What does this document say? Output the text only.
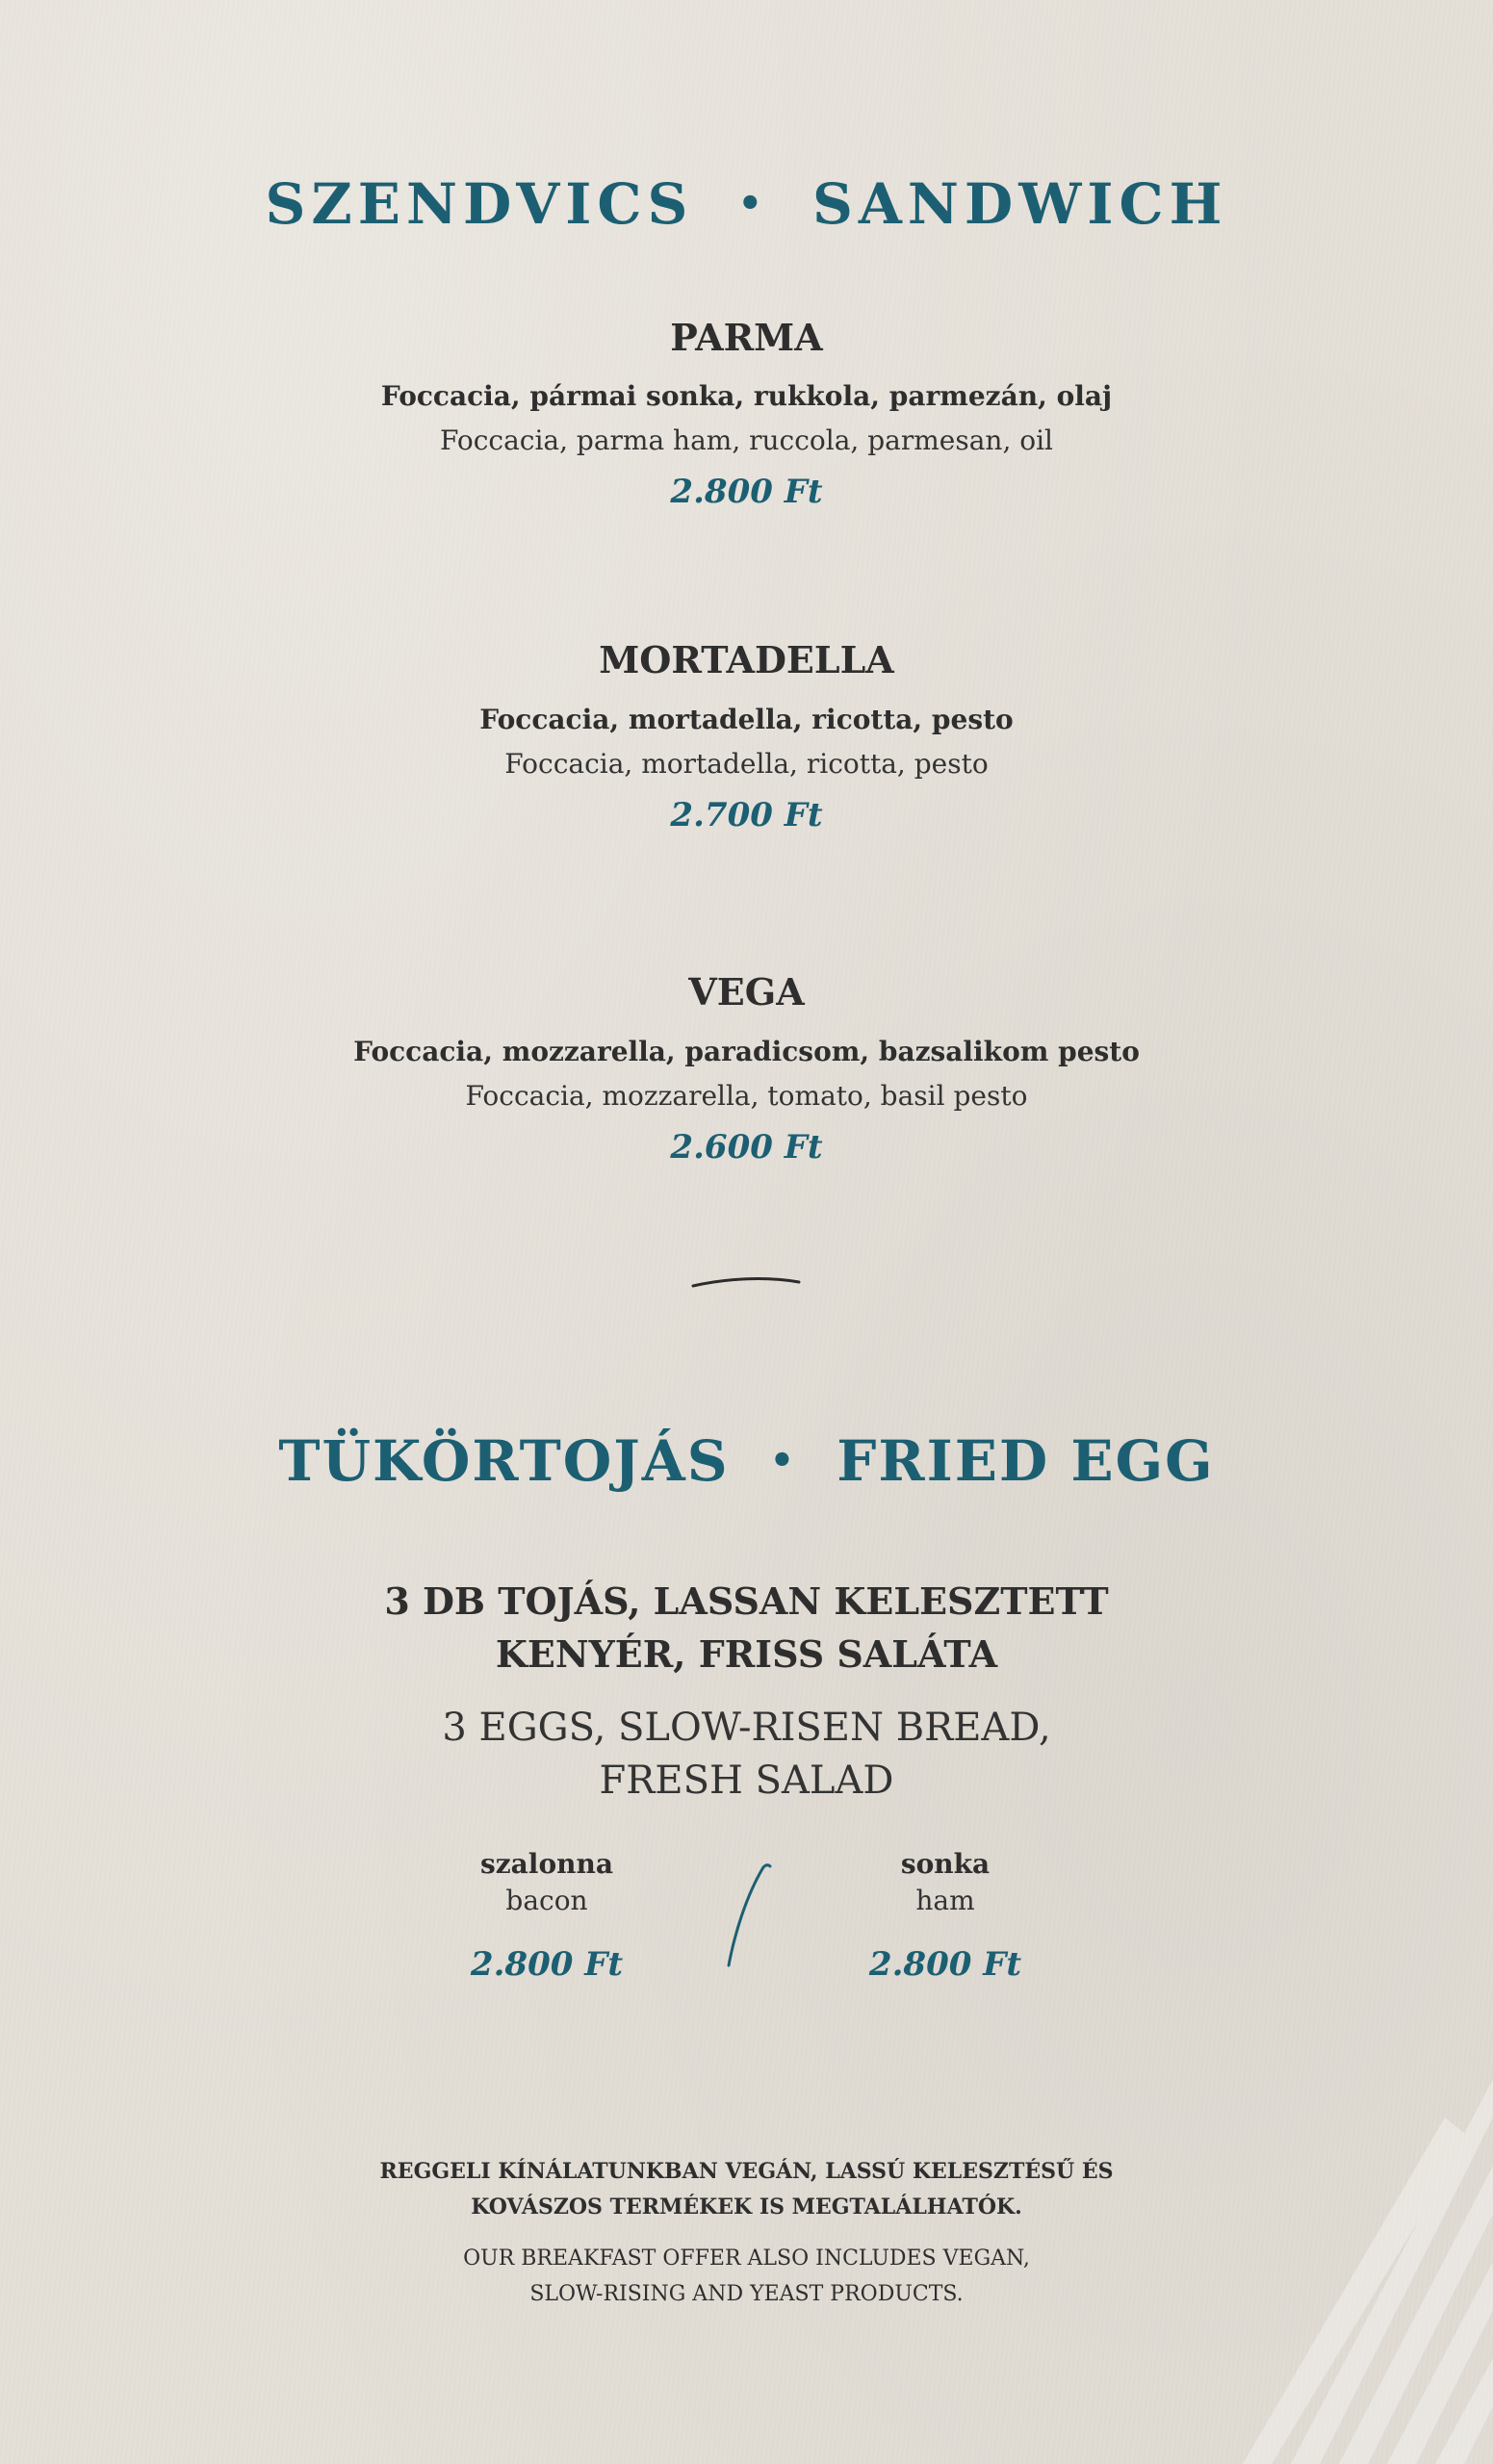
SZENDVICS • SANDWICH
PARMA
Foccacia, pármai sonka, rukkola, parmezán, olaj
Foccacia, parma ham, ruccola, parmesan, oil
2.800 Ft
MORTADELLA
Foccacia, mortadella, ricotta, pesto
Foccacia, mortadella, ricotta, pesto
2.700 Ft
VEGA
Foccacia, mozzarella, paradicsom, bazsalikom pesto
Foccacia, mozzarella, tomato, basil pesto
2.600 Ft
TÜKÖRTOJÁS • FRIED EGG
3 DB TOJÁS, LASSAN KELESZTETT
KENYÉR, FRISS SALÁTA
3 EGGS, SLOW-RISEN BREAD,
FRESH SALAD
szalonna
bacon
2.800 Ft
sonka
ham
2.800 Ft
REGGELI KÍNÁLATUNKBAN VEGÁN, LASSÚ KELESZTÉSŰ ÉS
KOVÁSZOS TERMÉKEK IS MEGTALÁLHATÓK.
OUR BREAKFAST OFFER ALSO INCLUDES VEGAN,
SLOW-RISING AND YEAST PRODUCTS.
